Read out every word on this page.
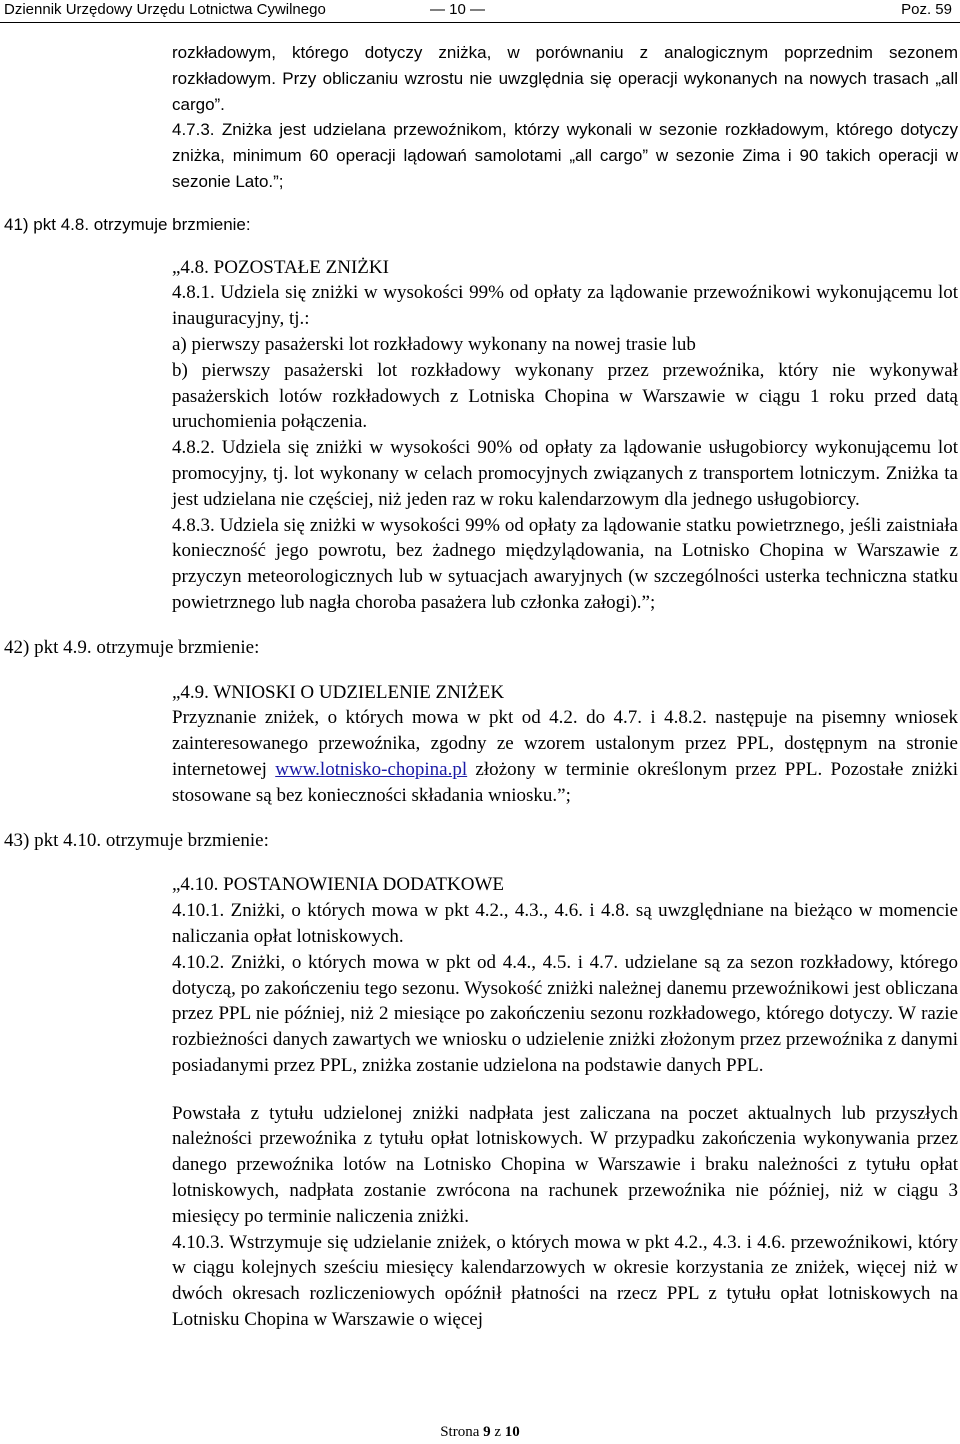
Dziennik Urzędowy Urzędu Lotnictwa Cywilnego	— 10 —	Poz. 59

rozkładowym, którego dotyczy zniżka, w porównaniu z analogicznym poprzednim sezonem rozkładowym. Przy obliczaniu wzrostu nie uwzględnia się operacji wykonanych na nowych trasach „all cargo”.

4.7.3. Zniżka jest udzielana przewoźnikom, którzy wykonali w sezonie rozkładowym, którego dotyczy zniżka, minimum 60 operacji lądowań samolotami „all cargo” w sezonie Zima i 90 takich operacji w sezonie Lato.”;

41) pkt 4.8. otrzymuje brzmienie:

„4.8. POZOSTAŁE ZNIŻKI

4.8.1. Udziela się zniżki w wysokości 99% od opłaty za lądowanie przewoźnikowi wykonującemu lot inauguracyjny, tj.:

a) pierwszy pasażerski lot rozkładowy wykonany na nowej trasie lub

b) pierwszy pasażerski lot rozkładowy wykonany przez przewoźnika, który nie wykonywał pasażerskich lotów rozkładowych z Lotniska Chopina w Warszawie w ciągu 1 roku przed datą uruchomienia połączenia.

4.8.2. Udziela się zniżki w wysokości 90% od opłaty za lądowanie usługobiorcy wykonującemu lot promocyjny, tj. lot wykonany w celach promocyjnych związanych z transportem lotniczym. Zniżka ta jest udzielana nie częściej, niż jeden raz w roku kalendarzowym dla jednego usługobiorcy.

4.8.3. Udziela się zniżki w wysokości 99% od opłaty za lądowanie statku powietrznego, jeśli zaistniała konieczność jego powrotu, bez żadnego międzylądowania, na Lotnisko Chopina w Warszawie z przyczyn meteorologicznych lub w sytuacjach awaryjnych (w szczególności usterka techniczna statku powietrznego lub nagła choroba pasażera lub członka załogi).”;

42) pkt 4.9. otrzymuje brzmienie:

„4.9. WNIOSKI O UDZIELENIE ZNIŻEK

Przyznanie zniżek, o których mowa w pkt od 4.2. do 4.7. i 4.8.2. następuje na pisemny wniosek zainteresowanego przewoźnika, zgodny ze wzorem ustalonym przez PPL, dostępnym na stronie internetowej www.lotnisko-chopina.pl złożony w terminie określonym przez PPL. Pozostałe zniżki stosowane są bez konieczności składania wniosku.”;

43) pkt 4.10. otrzymuje brzmienie:

„4.10. POSTANOWIENIA DODATKOWE

4.10.1. Zniżki, o których mowa w pkt 4.2., 4.3., 4.6. i 4.8. są uwzględniane na bieżąco w momencie naliczania opłat lotniskowych.

4.10.2. Zniżki, o których mowa w pkt od 4.4., 4.5. i 4.7. udzielane są za sezon rozkładowy, którego dotyczą, po zakończeniu tego sezonu. Wysokość zniżki należnej danemu przewoźnikowi jest obliczana przez PPL nie później, niż 2 miesiące po zakończeniu sezonu rozkładowego, którego dotyczy. W razie rozbieżności danych zawartych we wniosku o udzielenie zniżki złożonym przez przewoźnika z danymi posiadanymi przez PPL, zniżka zostanie udzielona na podstawie danych PPL.

Powstała z tytułu udzielonej zniżki nadpłata jest zaliczana na poczet aktualnych lub przyszłych należności przewoźnika z tytułu opłat lotniskowych. W przypadku zakończenia wykonywania przez danego przewoźnika lotów na Lotnisko Chopina w Warszawie i braku należności z tytułu opłat lotniskowych, nadpłata zostanie zwrócona na rachunek przewoźnika nie później, niż w ciągu 3 miesięcy po terminie naliczenia zniżki.

4.10.3. Wstrzymuje się udzielanie zniżek, o których mowa w pkt 4.2., 4.3. i 4.6. przewoźnikowi, który w ciągu kolejnych sześciu miesięcy kalendarzowych w okresie korzystania ze zniżek, więcej niż w dwóch okresach rozliczeniowych opóźnił płatności na rzecz PPL z tytułu opłat lotniskowych na Lotnisku Chopina w Warszawie o więcej

Strona 9 z 10
